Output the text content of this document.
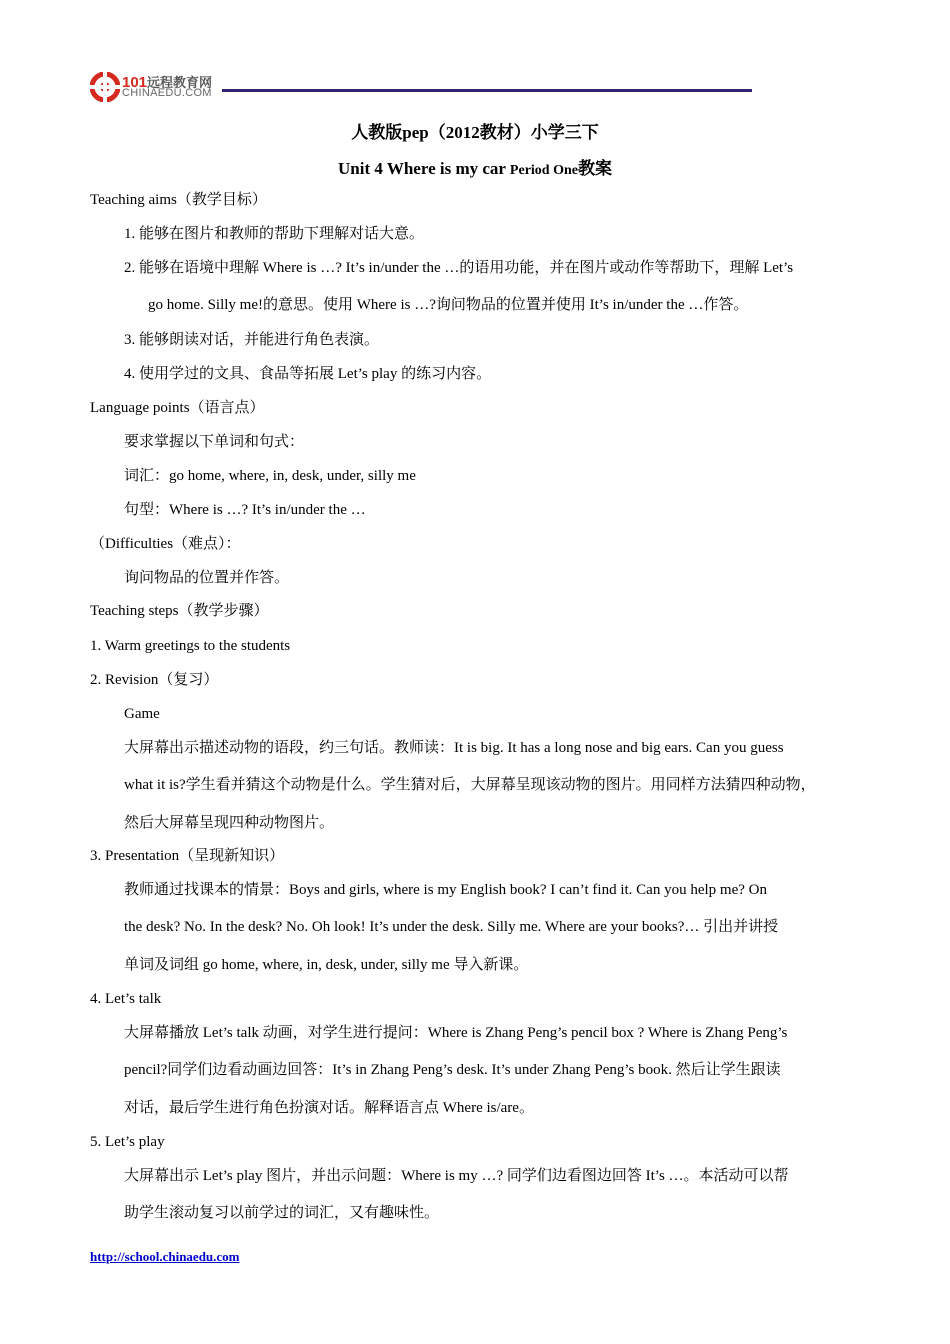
101远程教育网
CHINAEDU.COM
人教版pep（2012教材）小学三下
Unit 4 Where is my car Period One教案
Teaching aims（教学目标）
1. 能够在图片和教师的帮助下理解对话大意。
2. 能够在语境中理解 Where is …? It’s in/under the …的语用功能，并在图片或动作等帮助下，理解 Let’s
go home. Silly me!的意思。使用 Where is …?询问物品的位置并使用 It’s in/under the …作答。
3. 能够朗读对话，并能进行角色表演。
4. 使用学过的文具、食品等拓展 Let’s play 的练习内容。
Language points（语言点）
要求掌握以下单词和句式：
词汇：go home, where, in, desk, under, silly me
句型：Where is …? It’s in/under the …
（Difficulties（难点）：
询问物品的位置并作答。
Teaching steps（教学步骤）
1. Warm greetings to the students
2. Revision（复习）
Game
大屏幕出示描述动物的语段，约三句话。教师读：It is big. It has a long nose and big ears. Can you guess
what it is?学生看并猜这个动物是什么。学生猜对后，大屏幕呈现该动物的图片。用同样方法猜四种动物，
然后大屏幕呈现四种动物图片。
3. Presentation（呈现新知识）
教师通过找课本的情景：Boys and girls, where is my English book? I can’t find it. Can you help me? On
the desk? No. In the desk? No. Oh look! It’s under the desk. Silly me. Where are your books?… 引出并讲授
单词及词组 go home, where, in, desk, under, silly me 导入新课。
4. Let’s talk
大屏幕播放 Let’s talk 动画，对学生进行提问：Where is Zhang Peng’s pencil box ? Where is Zhang Peng’s
pencil?同学们边看动画边回答：It’s in Zhang Peng’s desk. It’s under Zhang Peng’s book. 然后让学生跟读
对话，最后学生进行角色扮演对话。解释语言点 Where is/are。
5. Let’s play
大屏幕出示 Let’s play 图片，并出示问题：Where is my …? 同学们边看图边回答 It’s …。本活动可以帮
助学生滚动复习以前学过的词汇，又有趣味性。
http://school.chinaedu.com
